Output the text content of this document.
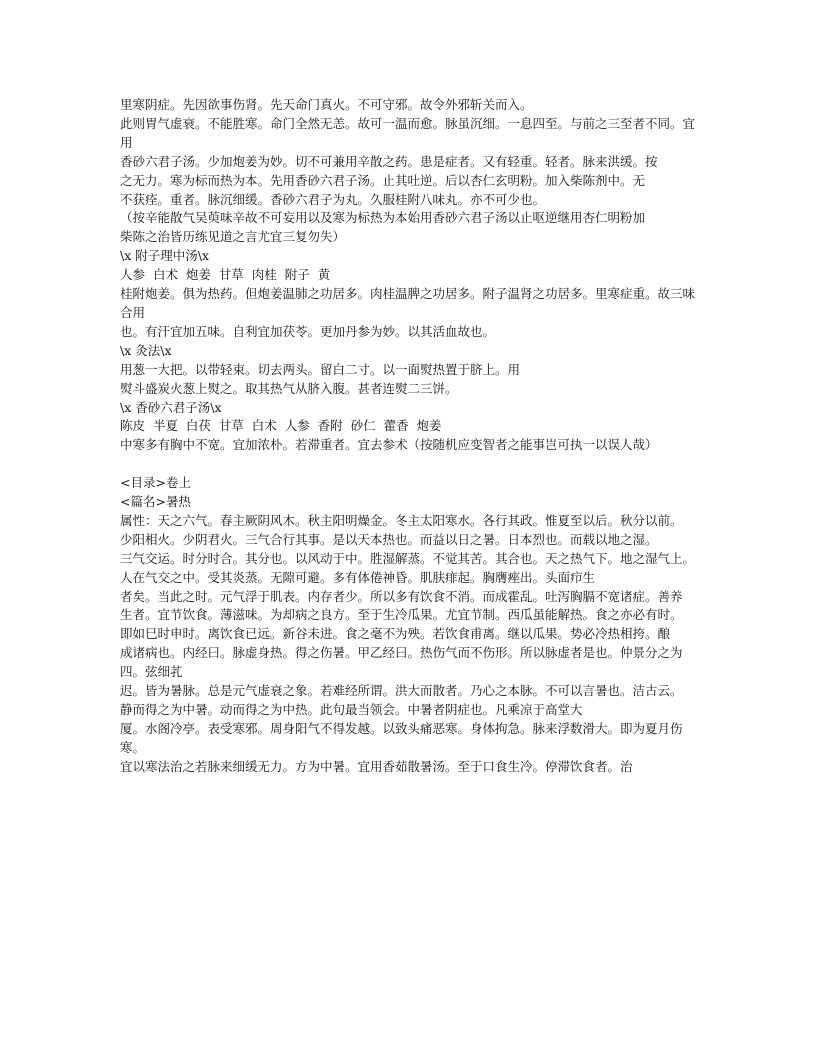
里寒阴症。先因欲事伤肾。先天命门真火。不可守邪。故令外邪斩关而入。
此则胃气虚衰。不能胜寒。命门全然无恙。故可一温而愈。脉虽沉细。一息四至。与前之三至者不同。宜用
香砂六君子汤。少加炮姜为妙。切不可兼用辛散之药。患是症者。又有轻重。轻者。脉来洪缓。按
之无力。寒为标而热为本。先用香砂六君子汤。止其吐逆。后以杏仁玄明粉。加入柴陈剂中。无
不获痊。重者。脉沉细缓。香砂六君子为丸。久服桂附八味丸。亦不可少也。
（按辛能散气吴萸味辛故不可妄用以及寒为标热为本始用香砂六君子汤以止呕逆继用杏仁明粉加
柴陈之治皆历练见道之言尤宜三复勿失）
\x 附子理中汤\x
人参  白术  炮姜  甘草  肉桂  附子  黄
桂附炮姜。俱为热药。但炮姜温肺之功居多。肉桂温脾之功居多。附子温肾之功居多。里寒症重。故三味合用
也。有汗宜加五味。自利宜加茯苓。更加丹参为妙。以其活血故也。
\x 灸法\x
用葱一大把。以带轻束。切去两头。留白二寸。以一面熨热置于脐上。用
熨斗盛炭火葱上熨之。取其热气从脐入腹。甚者连熨二三饼。
\x 香砂六君子汤\x
陈皮  半夏  白茯  甘草  白术  人参  香附  砂仁  藿香  炮姜
中寒多有胸中不宽。宜加浓朴。若滞重者。宜去参术（按随机应变智者之能事岂可执一以误人哉）
<目录>卷上
<篇名>暑热
属性：天之六气。春主厥阴风木。秋主阳明燥金。冬主太阳寒水。各行其政。惟夏至以后。秋分以前。
少阳相火。少阴君火。三气合行其事。是以天本热也。而益以日之暑。日本烈也。而载以地之湿。
三气交运。时分时合。其分也。以风动于中。胜湿解蒸。不觉其苦。其合也。天之热气下。地之湿气上。
人在气交之中。受其炎蒸。无隙可避。多有体倦神昏。肌肤痱起。胸膺痤出。头面疖生
者矣。当此之时。元气浮于肌表。内存者少。所以多有饮食不消。而成霍乱。吐泻胸膈不宽诸症。善养
生者。宜节饮食。薄滋味。为却病之良方。至于生冷瓜果。尤宜节制。西瓜虽能解热。食之亦必有时。
即如巳时申时。离饮食已远。新谷未进。食之毫不为殃。若饮食甫离。继以瓜果。势必冷热相挎。酿
成诸病也。内经曰。脉虚身热。得之伤暑。甲乙经曰。热伤气而不伤形。所以脉虚者是也。仲景分之为四。弦细芤
迟。皆为暑脉。总是元气虚衰之象。若难经所谓。洪大而散者。乃心之本脉。不可以言暑也。洁古云。
静而得之为中暑。动而得之为中热。此句最当领会。中暑者阴症也。凡乘凉于高堂大
厦。水阁冷亭。表受寒邪。周身阳气不得发越。以致头痛恶寒。身体拘急。脉来浮数滑大。即为夏月伤寒。
宜以寒法治之若脉来细缓无力。方为中暑。宜用香茹散暑汤。至于口食生冷。停滞饮食者。治
